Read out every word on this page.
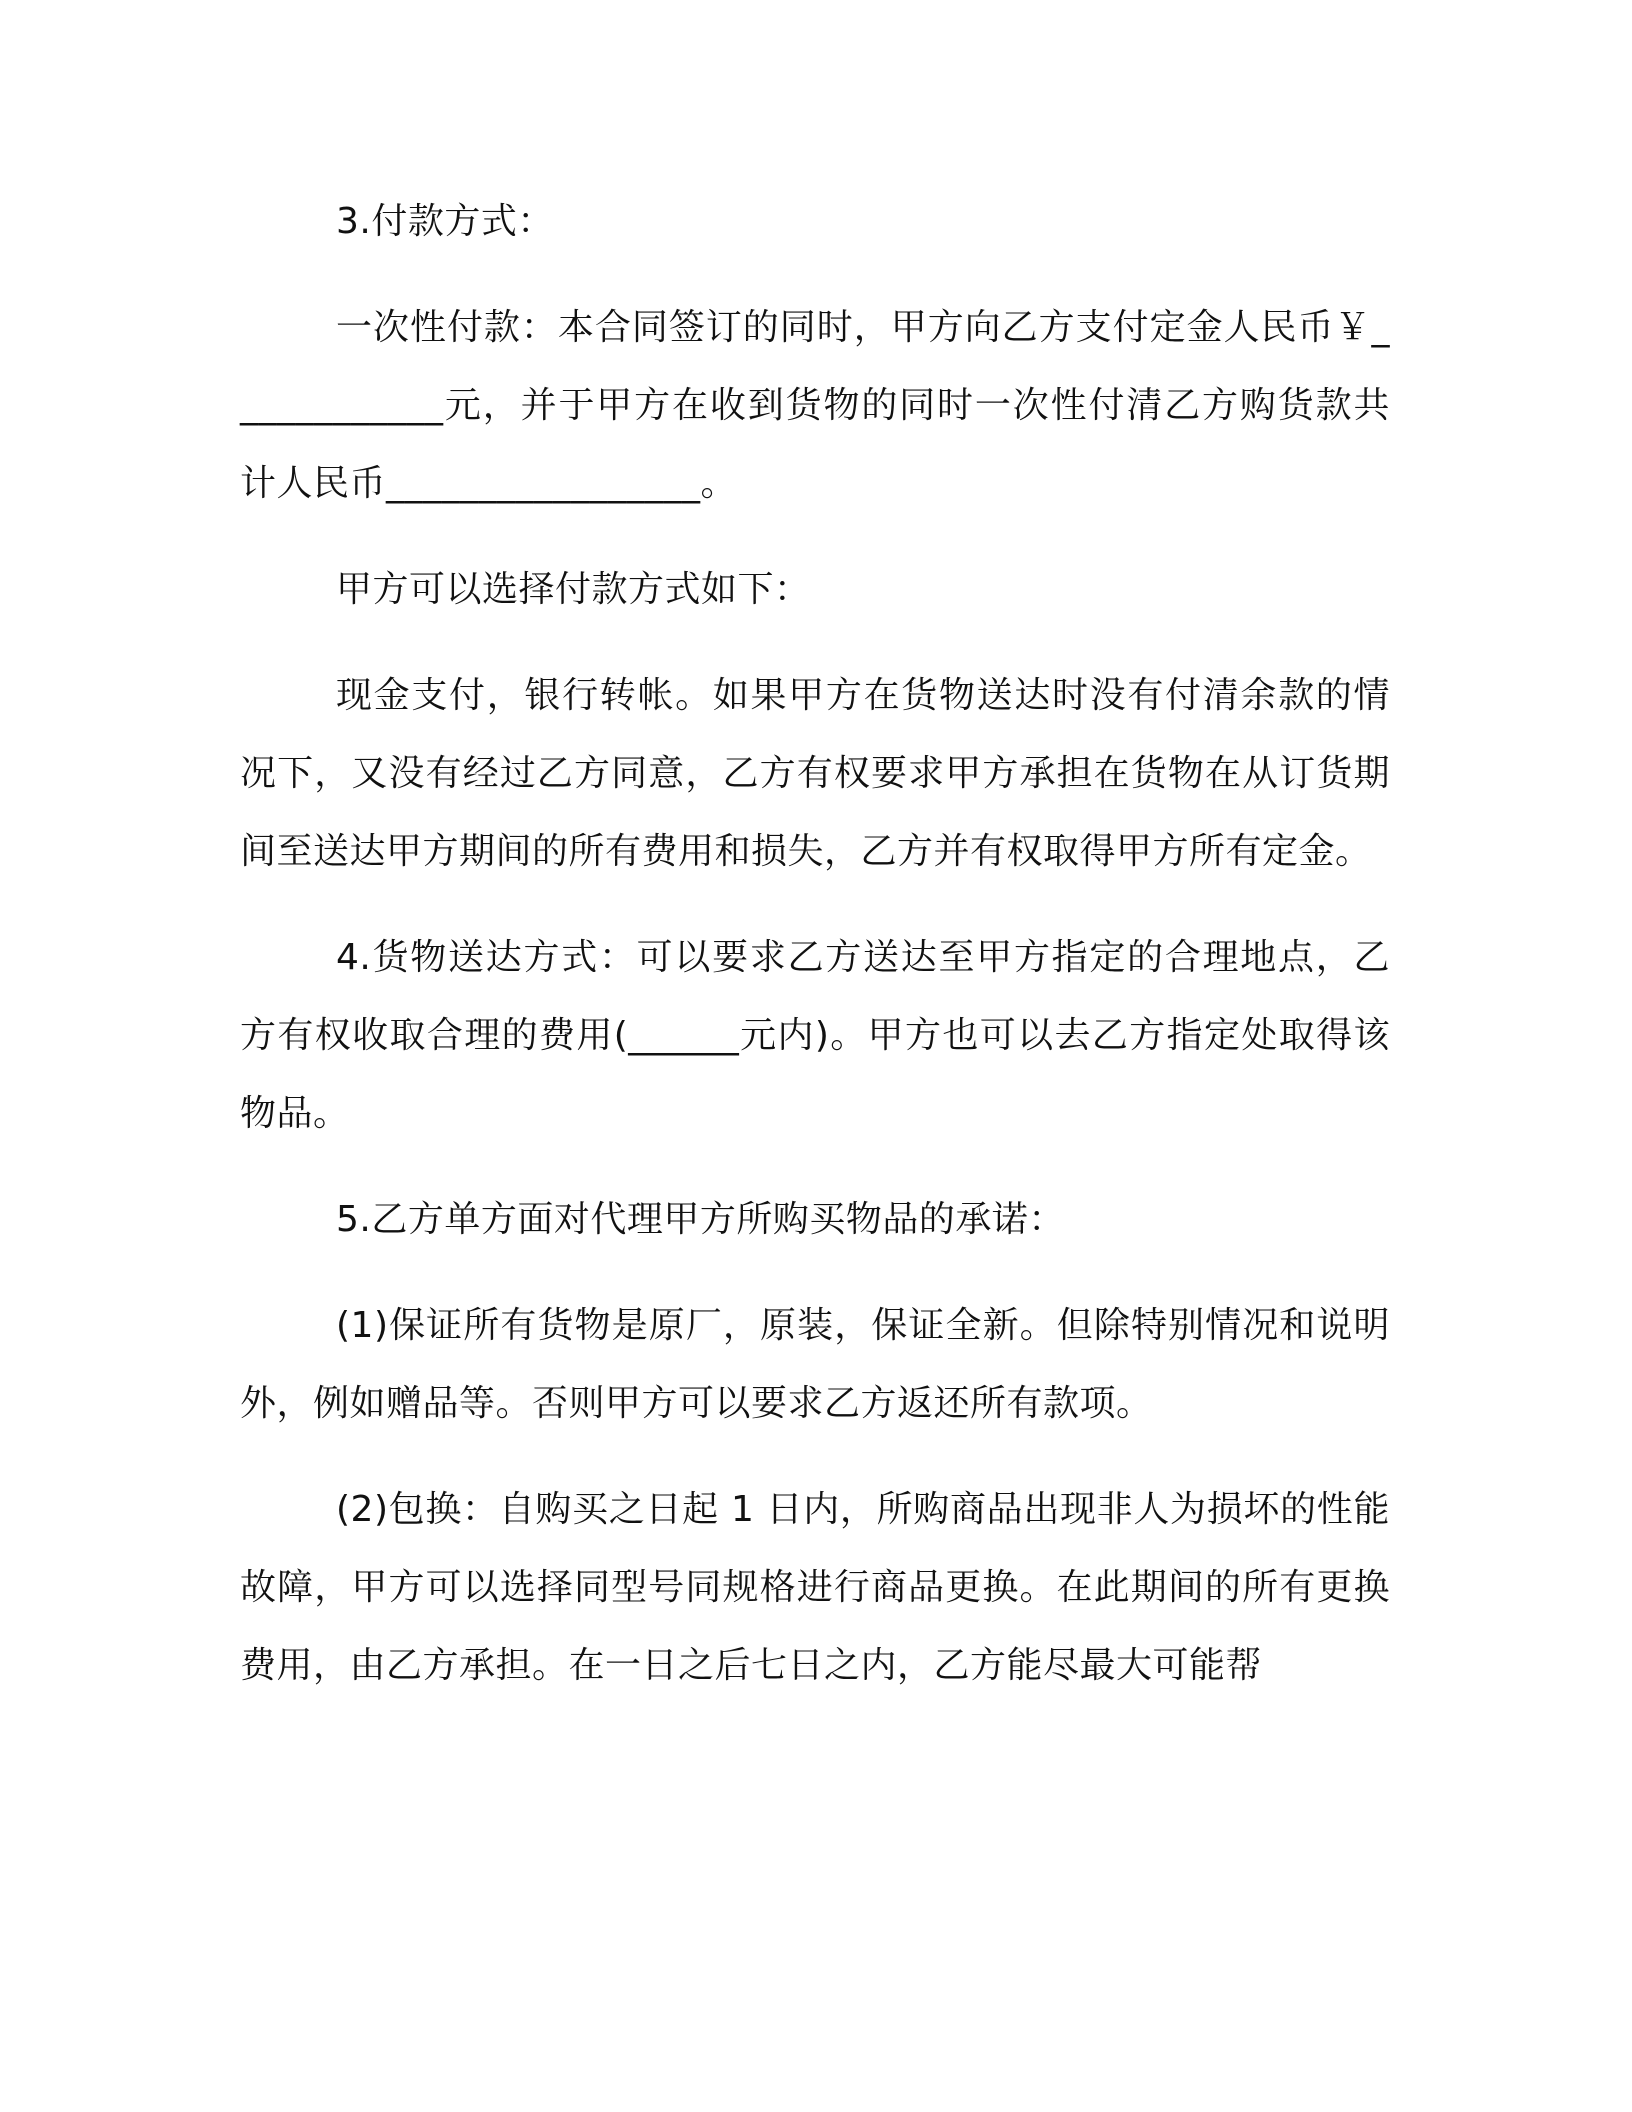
3.付款方式：

一次性付款：本合同签订的同时，甲方向乙方支付定金人民币￥____________元，并于甲方在收到货物的同时一次性付清乙方购货款共计人民币_________________。

甲方可以选择付款方式如下：

现金支付，银行转帐。如果甲方在货物送达时没有付清余款的情况下，又没有经过乙方同意，乙方有权要求甲方承担在货物在从订货期间至送达甲方期间的所有费用和损失，乙方并有权取得甲方所有定金。

4.货物送达方式：可以要求乙方送达至甲方指定的合理地点，乙方有权收取合理的费用(______元内)。甲方也可以去乙方指定处取得该物品。

5.乙方单方面对代理甲方所购买物品的承诺：

(1)保证所有货物是原厂，原装，保证全新。但除特别情况和说明外，例如赠品等。否则甲方可以要求乙方返还所有款项。

(2)包换：自购买之日起 1 日内，所购商品出现非人为损坏的性能故障，甲方可以选择同型号同规格进行商品更换。在此期间的所有更换费用，由乙方承担。在一日之后七日之内，乙方能尽最大可能帮
